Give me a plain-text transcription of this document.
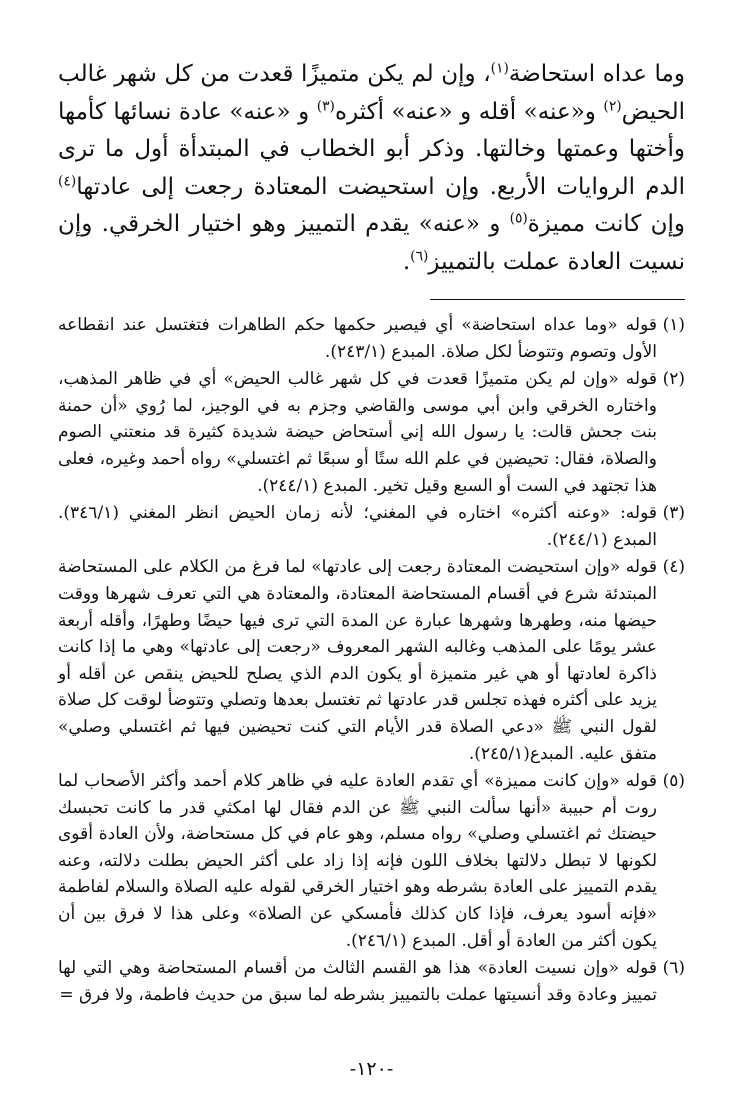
وما عداه استحاضة$^{(١)}$، وإن لم يكن متميزًا قعدت من كل شهر غالب الحيض$^{(٢)}$ و«عنه» أقله و «عنه» أكثره$^{(٣)}$ و «عنه» عادة نسائها كأمها وأختها وعمتها وخالتها. وذكر أبو الخطاب في المبتدأة أول ما ترى الدم الروايات الأربع. وإن استحيضت المعتادة رجعت إلى عادتها$^{(٤)}$ وإن كانت مميزة$^{(٥)}$ و «عنه» يقدم التمييز وهو اختيار الخرقي. وإن نسيت العادة عملت بالتمييز$^{(٦)}$.

(١)
قوله «وما عداه استحاضة» أي فيصير حكمها حكم الطاهرات فتغتسل عند انقطاعه الأول وتصوم وتتوضأ لكل صلاة. المبدع (٢٤٣/١).
(٢)
قوله «وإن لم يكن متميزًا قعدت في كل شهر غالب الحيض» أي في ظاهر المذهب، واختاره الخرقي وابن أبي موسى والقاضي وجزم به في الوجيز، لما رُوي «أن حمنة بنت جحش قالت: يا رسول الله إني أستحاض حيضة شديدة كثيرة قد منعتني الصوم والصلاة، فقال: تحيضين في علم الله ستًا أو سبعًا ثم اغتسلي» رواه أحمد وغيره، فعلى هذا تجتهد في الست أو السبع وقيل تخير. المبدع (٢٤٤/١).
(٣)
قوله: «وعنه أكثره» اختاره في المغني؛ لأنه زمان الحيض انظر المغني (٣٤٦/١). المبدع (٢٤٤/١).
(٤)
قوله «وإن استحيضت المعتادة رجعت إلى عادتها» لما فرغ من الكلام على المستحاضة المبتدئة شرع في أقسام المستحاضة المعتادة، والمعتادة هي التي تعرف شهرها ووقت حيضها منه، وطهرها وشهرها عبارة عن المدة التي ترى فيها حيضًا وطهرًا، وأقله أربعة عشر يومًا على المذهب وغالبه الشهر المعروف «رجعت إلى عادتها» وهي ما إذا كانت ذاكرة لعادتها أو هي غير متميزة أو يكون الدم الذي يصلح للحيض ينقص عن أقله أو يزيد على أكثره فهذه تجلس قدر عادتها ثم تغتسل بعدها وتصلي وتتوضأ لوقت كل صلاة لقول النبي ﷺ «دعي الصلاة قدر الأيام التي كنت تحيضين فيها ثم اغتسلي وصلي» متفق عليه. المبدع(٢٤٥/١).
(٥)
قوله «وإن كانت مميزة» أي تقدم العادة عليه في ظاهر كلام أحمد وأكثر الأصحاب لما روت أم حبيبة «أنها سألت النبي ﷺ عن الدم فقال لها امكثي قدر ما كانت تحبسك حيضتك ثم اغتسلي وصلي» رواه مسلم، وهو عام في كل مستحاضة، ولأن العادة أقوى لكونها لا تبطل دلالتها بخلاف اللون فإنه إذا زاد على أكثر الحيض بطلت دلالته، وعنه يقدم التمييز على العادة بشرطه وهو اختيار الخرقي لقوله عليه الصلاة والسلام لفاطمة «فإنه أسود يعرف، فإذا كان كذلك فأمسكي عن الصلاة» وعلى هذا لا فرق بين أن يكون أكثر من العادة أو أقل. المبدع (٢٤٦/١).
(٦)
قوله «وإن نسيت العادة» هذا هو القسم الثالث من أقسام المستحاضة وهي التي لها تمييز وعادة وقد أنسيتها عملت بالتمييز بشرطه لما سبق من حديث فاطمة، ولا فرق =
-١٢٠-
